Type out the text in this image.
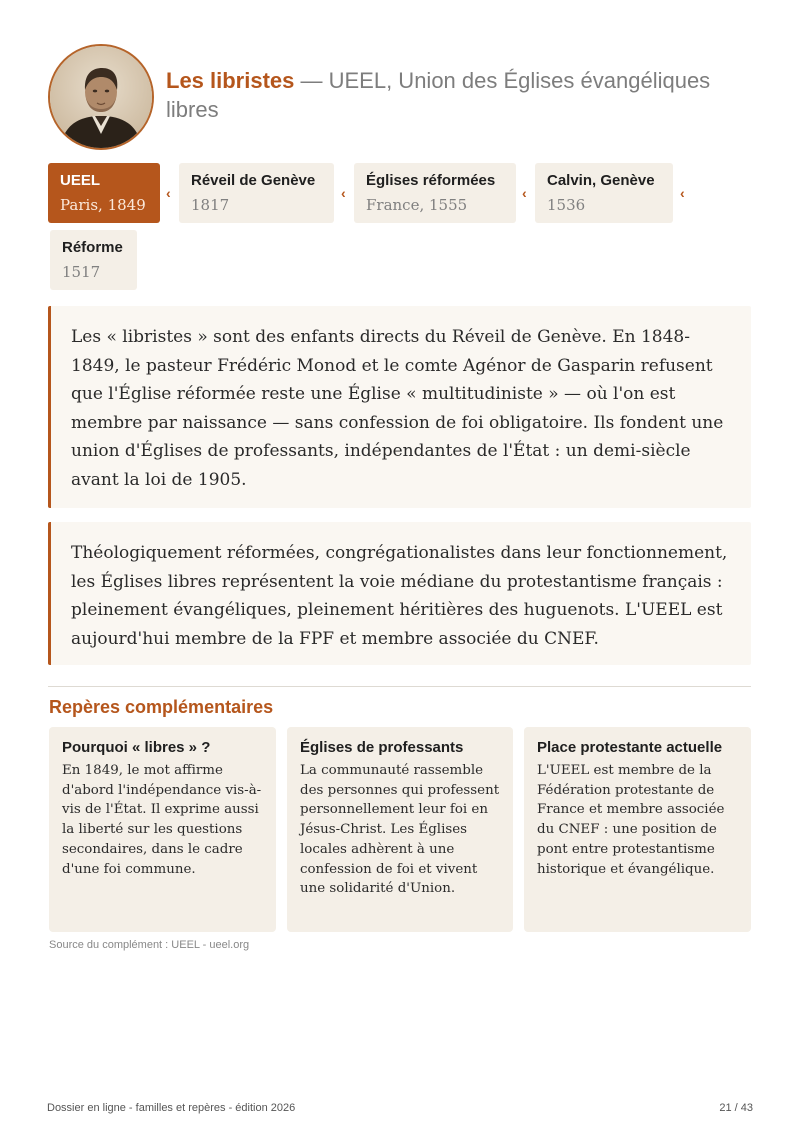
Les libristes — UEEL, Union des Églises évangéliques libres
UEEL
Paris, 1849
‹
Réveil de Genève
1817
‹
Églises réformées
France, 1555
‹
Calvin, Genève
1536
‹
Réforme
1517
Les « libristes » sont des enfants directs du Réveil de Genève. En 1848-1849, le pasteur Frédéric Monod et le comte Agénor de Gasparin refusent que l'Église réformée reste une Église « multitudiniste » — où l'on est membre par naissance — sans confession de foi obligatoire. Ils fondent une union d'Églises de professants, indépendantes de l'État : un demi-siècle avant la loi de 1905.
Théologiquement réformées, congrégationalistes dans leur fonctionnement, les Églises libres représentent la voie médiane du protestantisme français : pleinement évangéliques, pleinement héritières des huguenots. L'UEEL est aujourd'hui membre de la FPF et membre associée du CNEF.
Repères complémentaires
Pourquoi « libres » ?
En 1849, le mot affirme d'abord l'indépendance vis-à-vis de l'État. Il exprime aussi la liberté sur les questions secondaires, dans le cadre d'une foi commune.
Églises de professants
La communauté rassemble des personnes qui professent personnellement leur foi en Jésus-Christ. Les Églises locales adhèrent à une confession de foi et vivent une solidarité d'Union.
Place protestante actuelle
L'UEEL est membre de la Fédération protestante de France et membre associée du CNEF : une position de pont entre protestantisme historique et évangélique.
Source du complément : UEEL - ueel.org
Dossier en ligne - familles et repères - édition 2026	21 / 43
